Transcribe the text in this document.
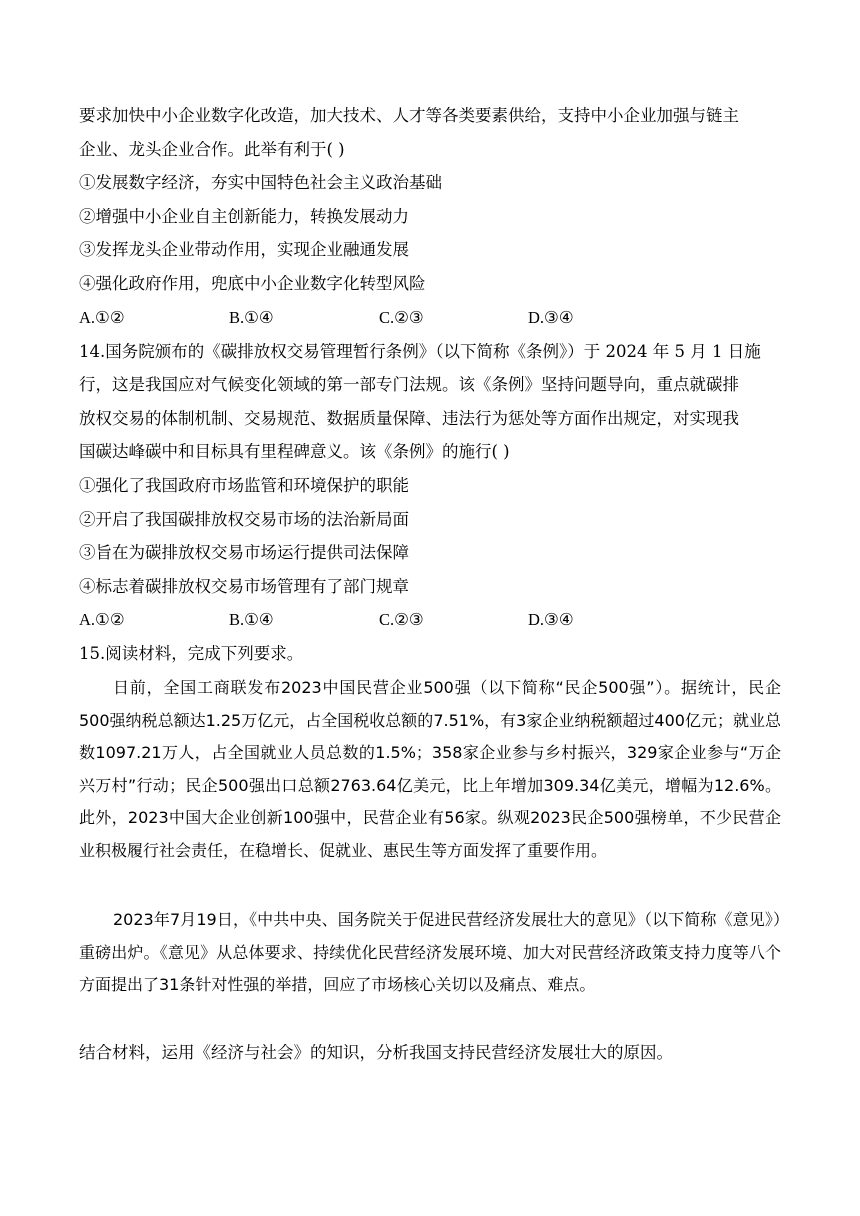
要求加快中小企业数字化改造，加大技术、人才等各类要素供给，支持中小企业加强与链主
企业、龙头企业合作。此举有利于( )
①发展数字经济，夯实中国特色社会主义政治基础
②增强中小企业自主创新能力，转换发展动力
③发挥龙头企业带动作用，实现企业融通发展
④强化政府作用，兜底中小企业数字化转型风险
A.①②	B.①④	C.②③	D.③④
14.国务院颁布的《碳排放权交易管理暂行条例》（以下简称《条例》）于 2024 年 5 月 1 日施
行，这是我国应对气候变化领域的第一部专门法规。该《条例》坚持问题导向，重点就碳排
放权交易的体制机制、交易规范、数据质量保障、违法行为惩处等方面作出规定，对实现我
国碳达峰碳中和目标具有里程碑意义。该《条例》的施行( )
①强化了我国政府市场监管和环境保护的职能
②开启了我国碳排放权交易市场的法治新局面
③旨在为碳排放权交易市场运行提供司法保障
④标志着碳排放权交易市场管理有了部门规章
A.①②	B.①④	C.②③	D.③④
15.阅读材料，完成下列要求。
日前，全国工商联发布2023中国民营企业500强（以下简称“民企500强”）。据统计，民企500强纳税总额达1.25万亿元，占全国税收总额的7.51%，有3家企业纳税额超过400亿元；就业总数1097.21万人，占全国就业人员总数的1.5%；358家企业参与乡村振兴，329家企业参与“万企兴万村”行动；民企500强出口总额2763.64亿美元，比上年增加309.34亿美元，增幅为12.6%。此外，2023中国大企业创新100强中，民营企业有56家。纵观2023民企500强榜单，不少民营企业积极履行社会责任，在稳增长、促就业、惠民生等方面发挥了重要作用。
2023年7月19日，《中共中央、国务院关于促进民营经济发展壮大的意见》（以下简称《意见》）重磅出炉。《意见》从总体要求、持续优化民营经济发展环境、加大对民营经济政策支持力度等八个方面提出了31条针对性强的举措，回应了市场核心关切以及痛点、难点。
结合材料，运用《经济与社会》的知识，分析我国支持民营经济发展壮大的原因。
